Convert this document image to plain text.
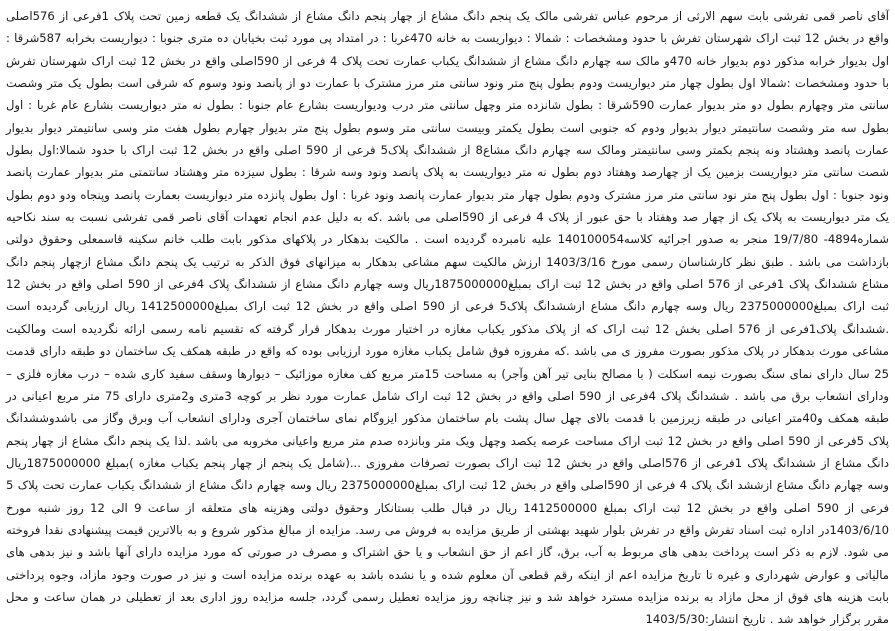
آقای ناصر قمی تفرشی بابت سهم الارثی از مرحوم عباس تفرشی مالک یک پنجم دانگ مشاع از چهار پنجم دانگ مشاع از ششدانگ یک قطعه زمین تحت پلاک 1فرعی از 576اصلی واقع در بخش 12 ثبت اراک شهرستان تفرش با حدود ومشخصات : شمالا : دیواریست به خانه 470غربا : در امتداد پی مورد ثبت بخیابان ده متری جنوبا : دیواریست بخرابه 587شرقا : اول بدیوار خرابه مذکور دوم بدیوار خانه 470و مالک سه چهارم دانگ مشاع از ششدانگ یکباب عمارت تحت پلاک 4 فرعی از 590اصلی واقع در بخش 12 ثبت اراک شهرستان تفرش با حدود ومشخصات :شمالا اول بطول چهار متر دیواریست ودوم بطول پنج متر ونود سانتی متر مرز مشترک با عمارت دو از پانصد ونود وسوم که شرقی است بطول یک متر وشصت سانتی متر وچهارم بطول دو متر بدیوار عمارت 590شرقا : بطول شانزده متر وچهل سانتی متر درب ودیواریست بشارع عام جنوبا : بطول نه متر دیواریست بشارع عام غربا : اول بطول سه متر وشصت سانتیمتر دیوار بدیوار ودوم که جنوبی است بطول یکمتر وبیست سانتی متر وسوم بطول پنج متر بدیوار چهارم بطول هفت متر وسی سانتیمتر دیوار بدیوار عمارت پانصد وهشتاد ونه پنجم بکمتر وسی سانتیمتر ومالک سه چهارم دانگ مشاع8 از ششدانگ پلاک5 فرعی از 590 اصلی واقع در بخش 12 ثبت اراک با حدود شمالا:اول بطول شصت سانتی متر دیواریست بزمین یک از چهارصد وهفتاد دوم بطول نه متر دیواریست به پلاک پانصد ونود وسه شرقا : بطول سیزده متر وهشتاد سانتمتی متر بدیوار عمارت پانصد ونود جنوبا : اول بطول پنج متر نود سانتی متر مرز مشترک ودوم بطول چهار متر بدیوار عمارت پانصد ونود غربا : اول بطول پانزده متر دیواریست بعمارت پانصد وپنجاه ودو دوم بطول یک متر دیواریست به پلاک یک از چهار صد وهفتاد با حق عبور از پلاک 4 فرعی از 590اصلی می باشد .که به دلیل عدم انجام تعهدات آقای ناصر قمی تفرشی نسبت به سند نکاحیه شماره4894- 19/7/80 منجر به صدور اجرائیه کلاسه140100054 علیه نامبرده گردیده است . مالکیت بدهکار در پلاکهای مذکور بابت طلب خانم سکینه قاسمعلی وحقوق دولتی بازداشت می باشد . طبق نظر کارشناسان رسمی مورخ 1403/3/16 ارزش مالکیت سهم مشاعی بدهکار به میزانهای فوق الذکر به ترتیب یک پنجم دانگ مشاع ازچهار پنجم دانگ مشاع ششدانگ پلاک 1فرعی از 576 اصلی واقع در بخش 12 ثبت اراک بمبلغ1875000000ریال وسه چهارم دانگ مشاع از ششدانگ پلاک 4فرعی از 590 اصلی واقع در بخش 12 ثبت اراک بمبلغ2375000000 ریال وسه چهارم دانگ مشاع ازششدانگ پلاک5 فرعی از 590 اصلی واقع در بخش 12 ثبت اراک بمبلغ1412500000 ریال ارزیابی گردیده است .ششدانگ پلاک1فرعی از 576 اصلی بخش 12 ثبت اراک که از پلاک مذکور یکباب مغازه در اختیار مورث بدهکار قرار گرفته که تقسیم نامه رسمی ارائه نگردیده است ومالکیت مشاعی مورث بدهکار در پلاک مذکور بصورت مفروز ی می باشد .که مفروزه فوق شامل یکباب مغازه مورد ارزیابی بوده که واقع در طبقه همکف یک ساختمان دو طبقه دارای قدمت 25 سال دارای نمای سنگ بصورت نیمه اسکلت ( با مصالح بنایی تیر آهن وآجر) به مساحت 15متر مربع کف مغازه موزائیک – دیوارها وسقف سفید کاری شده – درب مغازه فلزی – ودارای انشعاب برق می باشد . ششدانگ پلاک 4فرعی از 590 اصلی واقع در بخش 12 ثبت اراک شامل عمارت مورد نظر بر کوچه 3متری و2متری دارای 75 متر مربع اعیانی در طبقه همکف و40متر اعیانی در طبقه زیرزمین با قدمت بالای چهل سال پشت بام ساختمان مذکور ایزوگام نمای ساختمان آجری ودارای انشعاب آب وبرق وگاز می باشدوششدانگ پلاک 5فرعی از 590 اصلی واقع در بخش 12 ثبت اراک مساحت عرصه یکصد وچهل ویک متر وبانزده صدم متر مربع واعیانی مخروبه می باشد .لذا یک پنجم دانگ مشاع از چهار پنجم دانگ مشاع از ششدانگ پلاک 1فرعی از 576اصلی واقع در بخش 12 ثبت اراک بصورت تصرفات مفروزی ...(شامل یک پنجم از چهار پنجم یکباب مغازه )بمبلغ 1875000000ریال وسه چهارم دانگ مشاع ازششد انگ پلاک 4 فرعی از 590اصلی واقع در بخش 12 ثبت اراک بمبلغ2375000000 ریال وسه چهارم دانگ مشاع از ششدانگ یکباب عمارت تحت پلاک 5 فرعی از 590 اصلی واقع در بخش 12 ثبت اراک بمبلغ 1412500000 ریال در قبال طلب بستانکار وحقوق دولتی وهزینه های متعلقه از ساعت 9 الی 12 روز شنبه مورخ 1403/6/10در اداره ثبت اسناد تفرش واقع در تفرش بلوار شهید بهشتی از طریق مزایده به فروش می رسد. مزایده از مبالغ مذکور شروع و به بالاترین قیمت پیشنهادی نقدا فروخته می شود. لازم به ذکر است پرداخت بدهی های مربوط به آب، برق، گاز اعم از حق انشعاب و یا حق اشتراک و مصرف در صورتی که مورد مزایده دارای آنها باشد و نیز بدهی های مالیاتی و عوارض شهرداری و غیره تا تاریخ مزایده اعم از اینکه رقم قطعی آن معلوم شده و یا نشده باشد به عهده برنده مزایده است و نیز در صورت وجود مازاد، وجوه پرداختی بابت هزینه های فوق از محل مازاد به برنده مزایده مسترد خواهد شد و نیز چنانچه روز مزایده تعطیل رسمی گردد، جلسه مزایده روز اداری بعد از تعطیلی در همان ساعت و محل مقرر برگزار خواهد شد . تاریخ انتشار:1403/5/30
